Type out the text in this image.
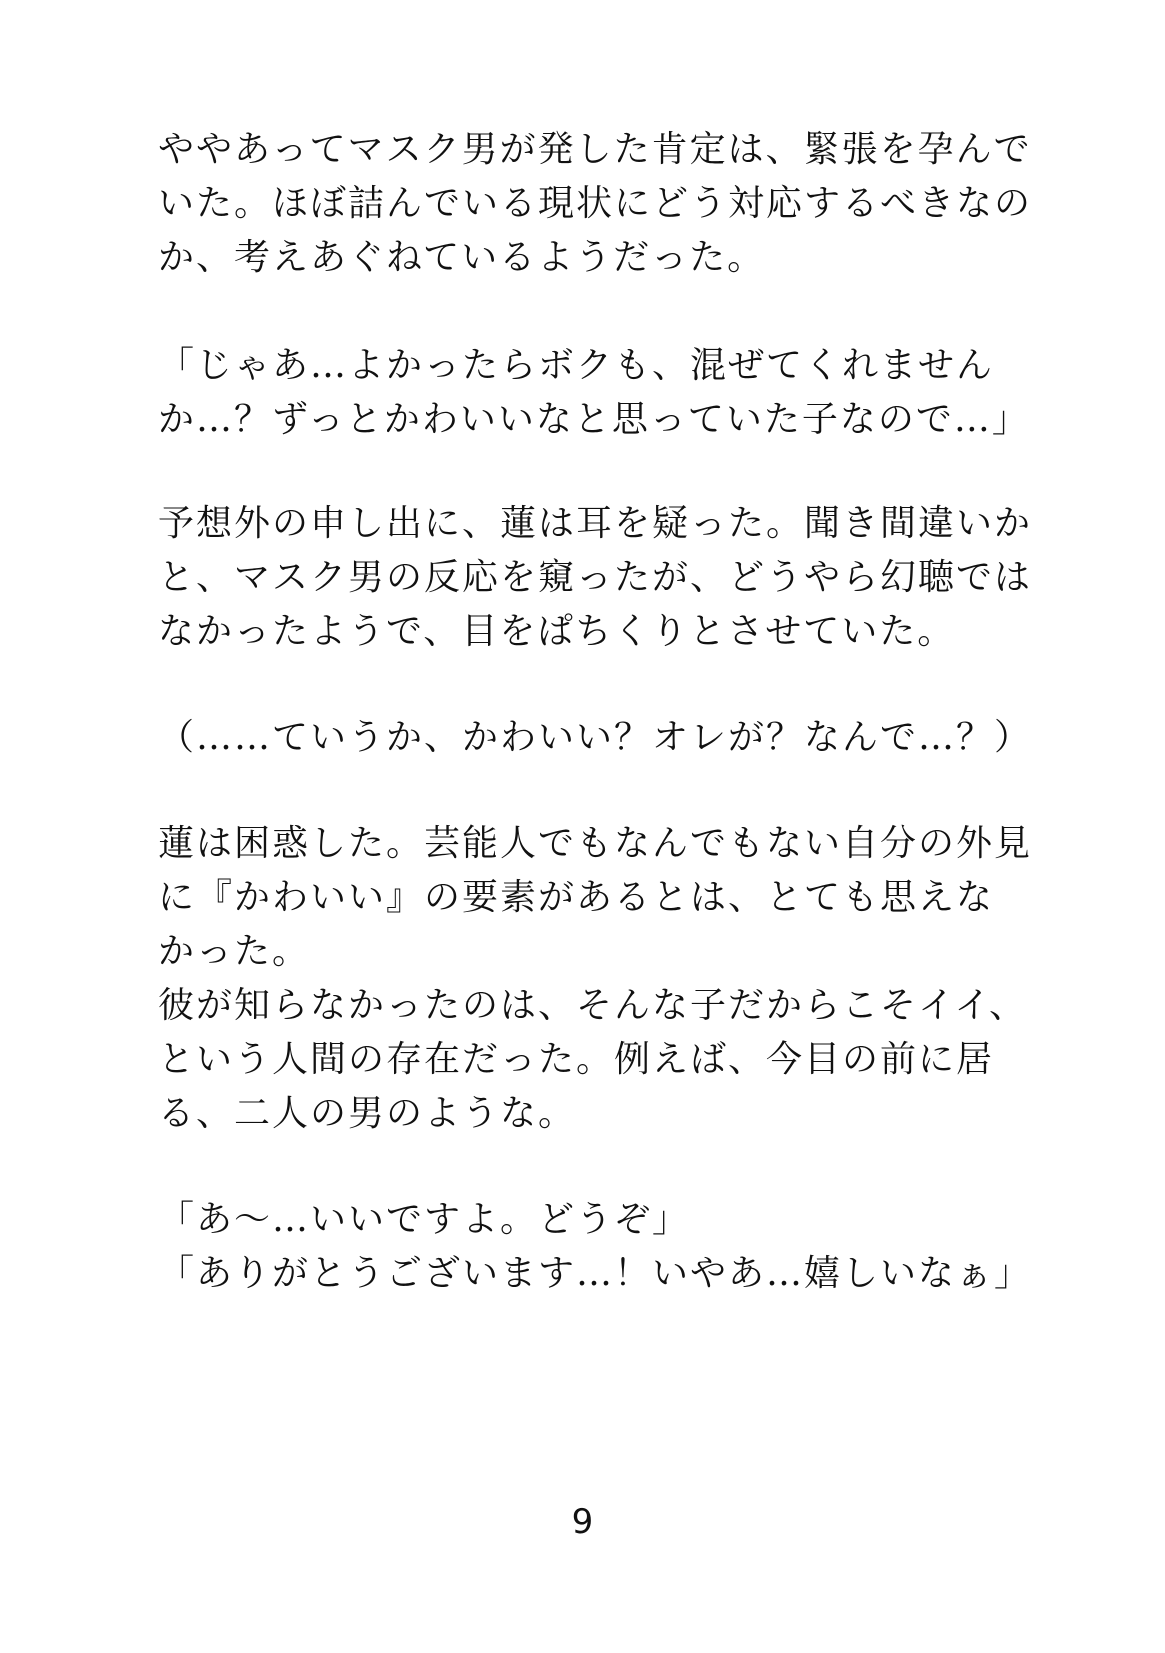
ややあってマスク男が発した肯定は、緊張を孕んで
いた。ほぼ詰んでいる現状にどう対応するべきなの
か、考えあぐねているようだった。
「じゃあ…よかったらボクも、混ぜてくれません
か…？ずっとかわいいなと思っていた子なので…」
予想外の申し出に、蓮は耳を疑った。聞き間違いか
と、マスク男の反応を窺ったが、どうやら幻聴では
なかったようで、目をぱちくりとさせていた。
（……ていうか、かわいい？オレが？なんで…？）
蓮は困惑した。芸能人でもなんでもない自分の外見
に『かわいい』の要素があるとは、とても思えな
かった。
彼が知らなかったのは、そんな子だからこそイイ、
という人間の存在だった。例えば、今目の前に居
る、二人の男のような。
「あ～…いいですよ。どうぞ」
「ありがとうございます…！いやあ…嬉しいなぁ」
9
